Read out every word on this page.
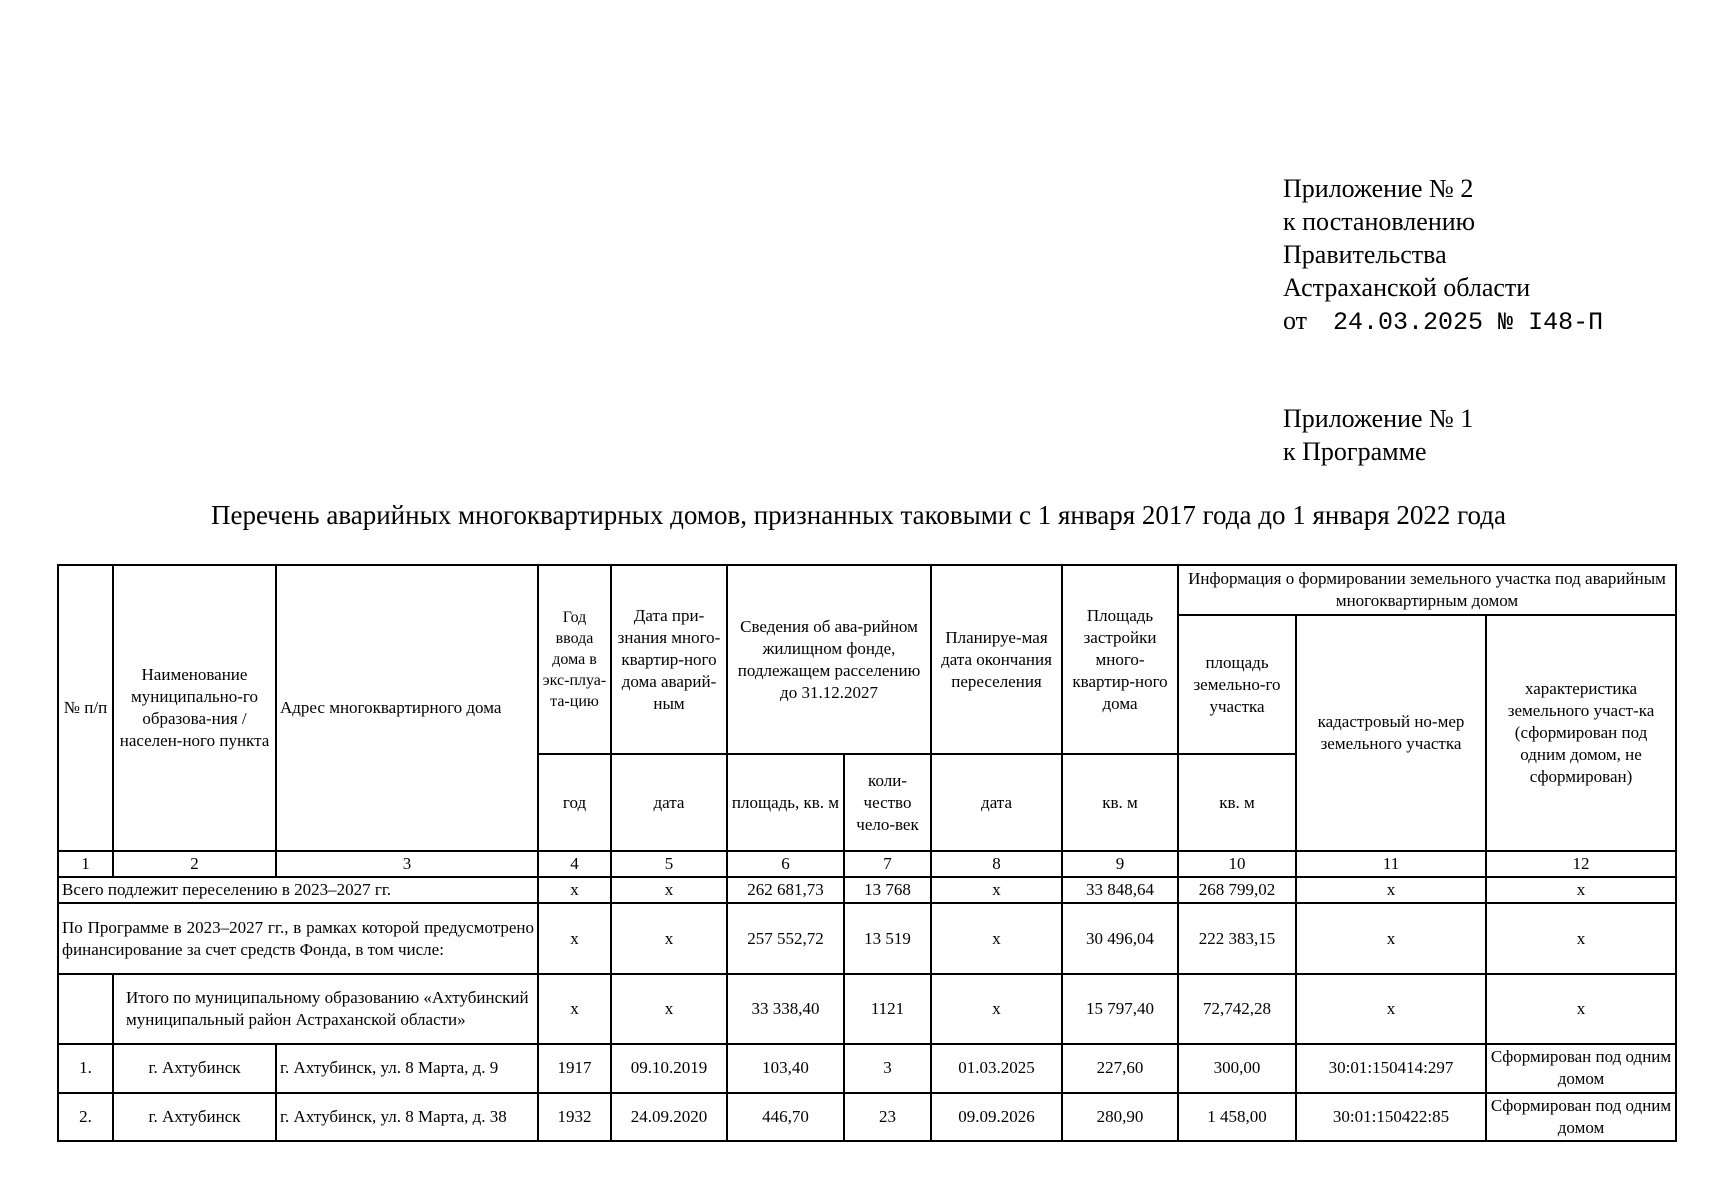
Приложение № 2
к постановлению
Правительства
Астраханской области
от 24.03.2025 № I48-П
Приложение № 1
к Программе
Перечень аварийных многоквартирных домов, признанных таковыми с 1 января 2017 года до 1 января 2022 года
№ п/п	Наименование муниципально-го образова-ния / населен-ного пункта	Адрес многоквартирного дома	Год ввода дома в экс-плуа-та-цию	Дата при-знания много-квартир-ного дома аварий-ным	Сведения об ава-рийном жилищном фонде, подлежащем расселению до 31.12.2027		Планируе-мая дата окончания переселения	Площадь застройки много-квартир-ного дома	Информация о формировании земельного участка под аварийным многоквартирным домом		
									площадь земельно-го участка	кадастровый но-мер земельного участка	характеристика земельного участ-ка (сформирован под одним домом, не сформирован)
			год	дата	площадь, кв. м	коли-чество чело-век	дата	кв. м	кв. м		
1	2	3	4	5	6	7	8	9	10	11	12
Всего подлежит переселению в 2023–2027 гг.			х	х	262 681,73	13 768	х	33 848,64	268 799,02	х	х
По Программе в 2023–2027 гг., в рамках которой предусмотрено финансирование за счет средств Фонда, в том числе:			х	х	257 552,72	13 519	х	30 496,04	222 383,15	х	х
	Итого по муниципальному образованию «Ахтубинский муниципальный район Астраханской области»		х	х	33 338,40	1121	х	15 797,40	72,742,28	х	х
1.	г. Ахтубинск	г. Ахтубинск, ул. 8 Марта, д. 9	1917	09.10.2019	103,40	3	01.03.2025	227,60	300,00	30:01:150414:297	Сформирован под одним домом
2.	г. Ахтубинск	г. Ахтубинск, ул. 8 Марта, д. 38	1932	24.09.2020	446,70	23	09.09.2026	280,90	1 458,00	30:01:150422:85	Сформирован под одним домом
